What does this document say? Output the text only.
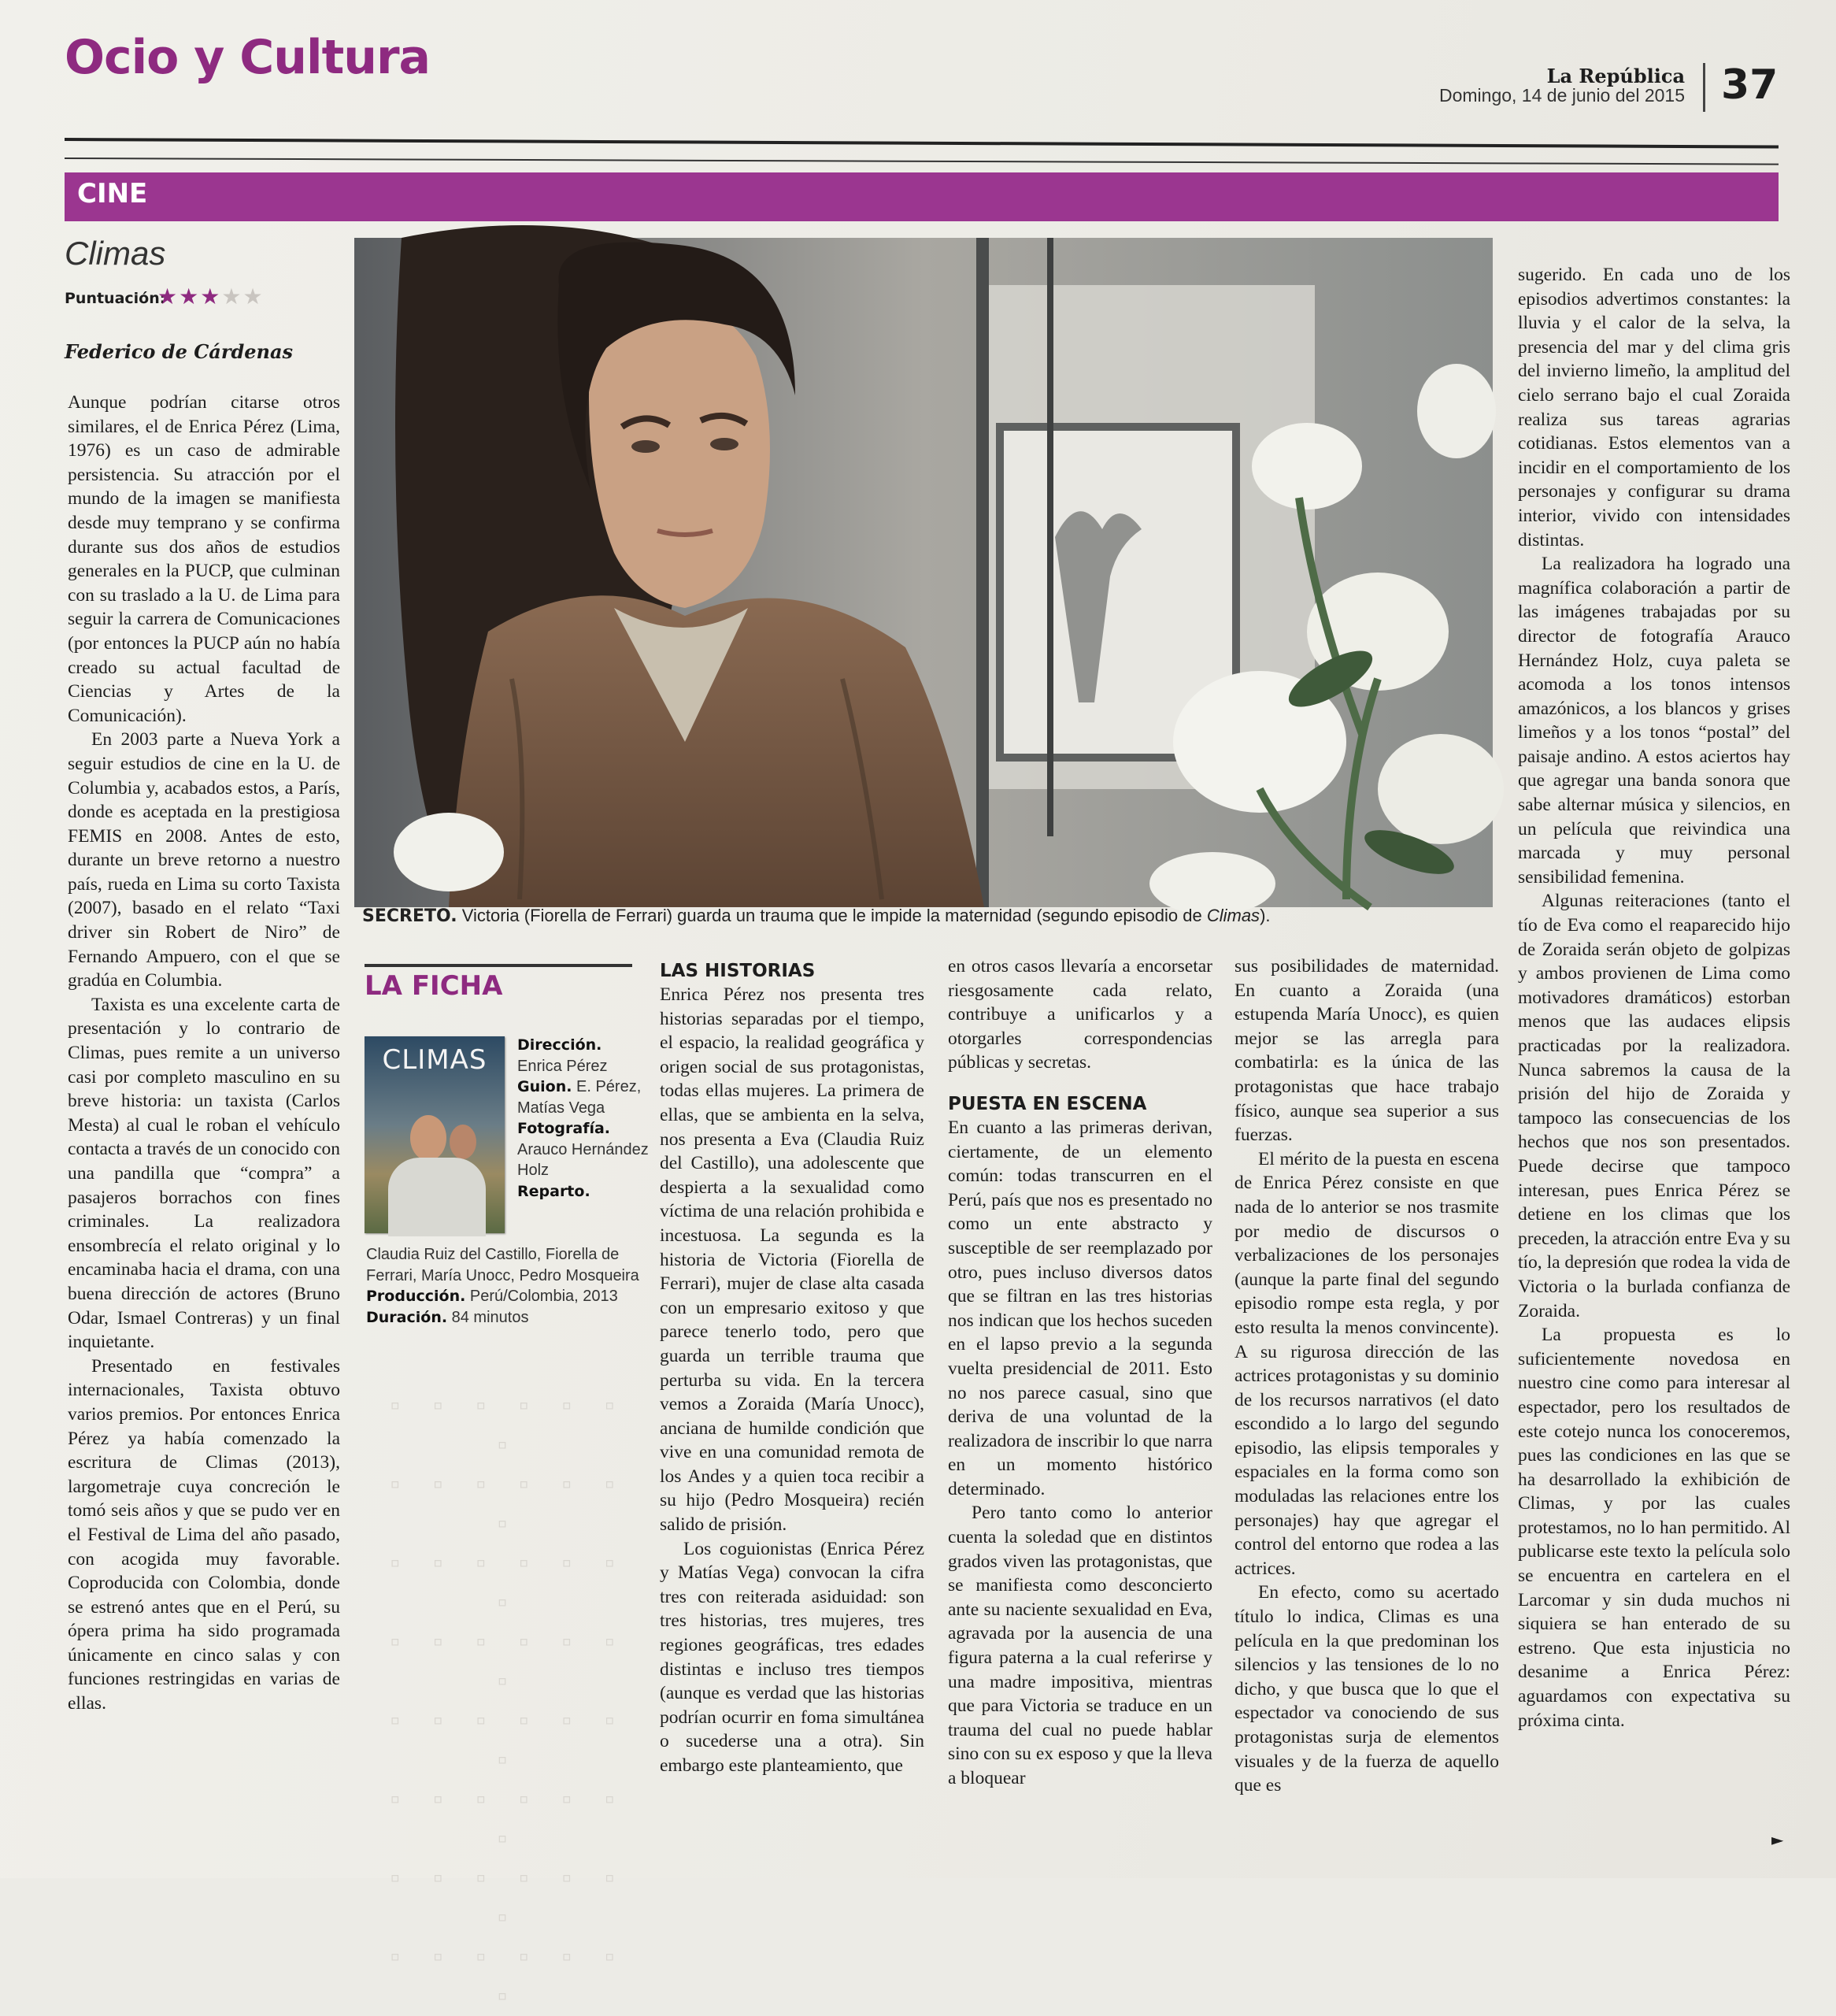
Ocio y Cultura	La República
Domingo, 14 de junio del 2015 37
CINE
Climas
Puntuación:
★★★★★
Federico de Cárdenas

Aunque podrían citarse otros similares, el de Enrica Pérez (Lima, 1976) es un caso de admirable persistencia. Su atracción por el mundo de la imagen se manifiesta desde muy temprano y se confirma durante sus dos años de estudios generales en la PUCP, que culminan con su traslado a la U. de Lima para seguir la carrera de Comunicaciones (por entonces la PUCP aún no había creado su actual facultad de Ciencias y Artes de la Comunicación).

En 2003 parte a Nueva York a seguir estudios de cine en la U. de Columbia y, acabados estos, a París, donde es aceptada en la prestigiosa FEMIS en 2008. Antes de esto, durante un breve retorno a nuestro país, rueda en Lima su corto Taxista (2007), basado en el relato “Taxi driver sin Robert de Niro” de Fernando Ampuero, con el que se gradúa en Columbia.

Taxista es una excelente carta de presentación y lo contrario de Climas, pues remite a un universo casi por completo masculino en su breve historia: un taxista (Carlos Mesta) al cual le roban el vehículo contacta a través de un conocido con una pandilla que “compra” a pasajeros borrachos con fines criminales. La realizadora ensombrecía el relato original y lo encaminaba hacia el drama, con una buena dirección de actores (Bruno Odar, Ismael Contreras) y un final inquietante.

Presentado en festivales internacionales, Taxista obtuvo varios premios. Por entonces Enrica Pérez ya había comenzado la escritura de Climas (2013), largometraje cuya concreción le tomó seis años y que se pudo ver en el Festival de Lima del año pasado, con acogida muy favorable. Coproducida con Colombia, donde se estrenó antes que en el Perú, su ópera prima ha sido programada únicamente en cinco salas y con funciones restringidas en varias de ellas.

SECRETO. Victoria (Fiorella de Ferrari) guarda un trauma que le impide la maternidad (segundo episodio de Climas).
LA FICHA
CLIMAS	Dirección.
Enrica Pérez
Guion. E. Pérez, Matías Vega
Fotografía.
Arauco Hernández Holz
Reparto.
Claudia Ruiz del Castillo, Fiorella de Ferrari, María Unocc, Pedro Mosqueira
Producción. Perú/Colombia, 2013
Duración. 84 minutos
▫ ▫ ▫ ▫ ▫ ▫ ▫
▫ ▫ ▫ ▫ ▫ ▫ ▫
▫ ▫ ▫ ▫ ▫ ▫ ▫
▫ ▫ ▫ ▫ ▫ ▫ ▫
▫ ▫ ▫ ▫ ▫ ▫ ▫
▫ ▫ ▫ ▫ ▫ ▫ ▫
▫ ▫ ▫ ▫ ▫ ▫ ▫
▫ ▫ ▫ ▫ ▫ ▫ ▫
LAS HISTORIAS

Enrica Pérez nos presenta tres historias separadas por el tiempo, el espacio, la realidad geográfica y origen social de sus protagonistas, todas ellas mujeres. La primera de ellas, que se ambienta en la selva, nos presenta a Eva (Claudia Ruiz del Castillo), una adolescente que despierta a la sexualidad como víctima de una relación prohibida e incestuosa. La segunda es la historia de Victoria (Fiorella de Ferrari), mujer de clase alta casada con un empresario exitoso y que parece tenerlo todo, pero que guarda un terrible trauma que perturba su vida. En la tercera vemos a Zoraida (María Unocc), anciana de humilde condición que vive en una comunidad remota de los Andes y a quien toca recibir a su hijo (Pedro Mosqueira) recién salido de prisión.

Los coguionistas (Enrica Pérez y Matías Vega) convocan la cifra tres con reiterada asiduidad: son tres historias, tres mujeres, tres regiones geográficas, tres edades distintas e incluso tres tiempos (aunque es verdad que las historias podrían ocurrir en foma simultánea o sucederse una a otra). Sin embargo este planteamiento, que

en otros casos llevaría a encorsetar riesgosamente cada relato, contribuye a unificarlos y a otorgarles correspondencias públicas y secretas.

PUESTA EN ESCENA

En cuanto a las primeras derivan, ciertamente, de un elemento común: todas transcurren en el Perú, país que nos es presentado no como un ente abstracto y susceptible de ser reemplazado por otro, pues incluso diversos datos que se filtran en las tres historias nos indican que los hechos suceden en el lapso previo a la segunda vuelta presidencial de 2011. Esto no nos parece casual, sino que deriva de una voluntad de la realizadora de inscribir lo que narra en un momento histórico determinado.

Pero tanto como lo anterior cuenta la soledad que en distintos grados viven las protagonistas, que se manifiesta como desconcierto ante su naciente sexualidad en Eva, agravada por la ausencia de una figura paterna a la cual referirse y una madre impositiva, mientras que para Victoria se traduce en un trauma del cual no puede hablar sino con su ex esposo y que la lleva a bloquear

sus posibilidades de maternidad. En cuanto a Zoraida (una estupenda María Unocc), es quien mejor se las arregla para combatirla: es la única de las protagonistas que hace trabajo físico, aunque sea superior a sus fuerzas.

El mérito de la puesta en escena de Enrica Pérez consiste en que nada de lo anterior se nos trasmite por medio de discursos o verbalizaciones de los personajes (aunque la parte final del segundo episodio rompe esta regla, y por esto resulta la menos convincente). A su rigurosa dirección de las actrices protagonistas y su dominio de los recursos narrativos (el dato escondido a lo largo del segundo episodio, las elipsis temporales y espaciales en la forma como son moduladas las relaciones entre los personajes) hay que agregar el control del entorno que rodea a las actrices.

En efecto, como su acertado título lo indica, Climas es una película en la que predominan los silencios y las tensiones de lo no dicho, y que busca que lo que el espectador va conociendo de sus protagonistas surja de elementos visuales y de la fuerza de aquello que es

sugerido. En cada uno de los episodios advertimos constantes: la lluvia y el calor de la selva, la presencia del mar y del clima gris del invierno limeño, la amplitud del cielo serrano bajo el cual Zoraida realiza sus tareas agrarias cotidianas. Estos elementos van a incidir en el comportamiento de los personajes y configurar su drama interior, vivido con intensidades distintas.

La realizadora ha logrado una magnífica colaboración a partir de las imágenes trabajadas por su director de fotografía Arauco Hernández Holz, cuya paleta se acomoda a los tonos intensos amazónicos, a los blancos y grises limeños y a los tonos “postal” del paisaje andino. A estos aciertos hay que agregar una banda sonora que sabe alternar música y silencios, en un película que reivindica una marcada y muy personal sensibilidad femenina.

Algunas reiteraciones (tanto el tío de Eva como el reaparecido hijo de Zoraida serán objeto de golpizas y ambos provienen de Lima como motivadores dramáticos) estorban menos que las audaces elipsis practicadas por la realizadora. Nunca sabremos la causa de la prisión del hijo de Zoraida y tampoco las consecuencias de los hechos que nos son presentados. Puede decirse que tampoco interesan, pues Enrica Pérez se detiene en los climas que los preceden, la atracción entre Eva y su tío, la depresión que rodea la vida de Victoria o la burlada confianza de Zoraida.

La propuesta es lo suficientemente novedosa en nuestro cine como para interesar al espectador, pero los resultados de este cotejo nunca los conoceremos, pues las condiciones en las que se ha desarrollado la exhibición de Climas, y por las cuales protestamos, no lo han permitido. Al publicarse este texto la película solo se encuentra en cartelera en el Larcomar y sin duda muchos ni siquiera se han enterado de su estreno. Que esta injusticia no desanime a Enrica Pérez: aguardamos con expectativa su próxima cinta.

►
